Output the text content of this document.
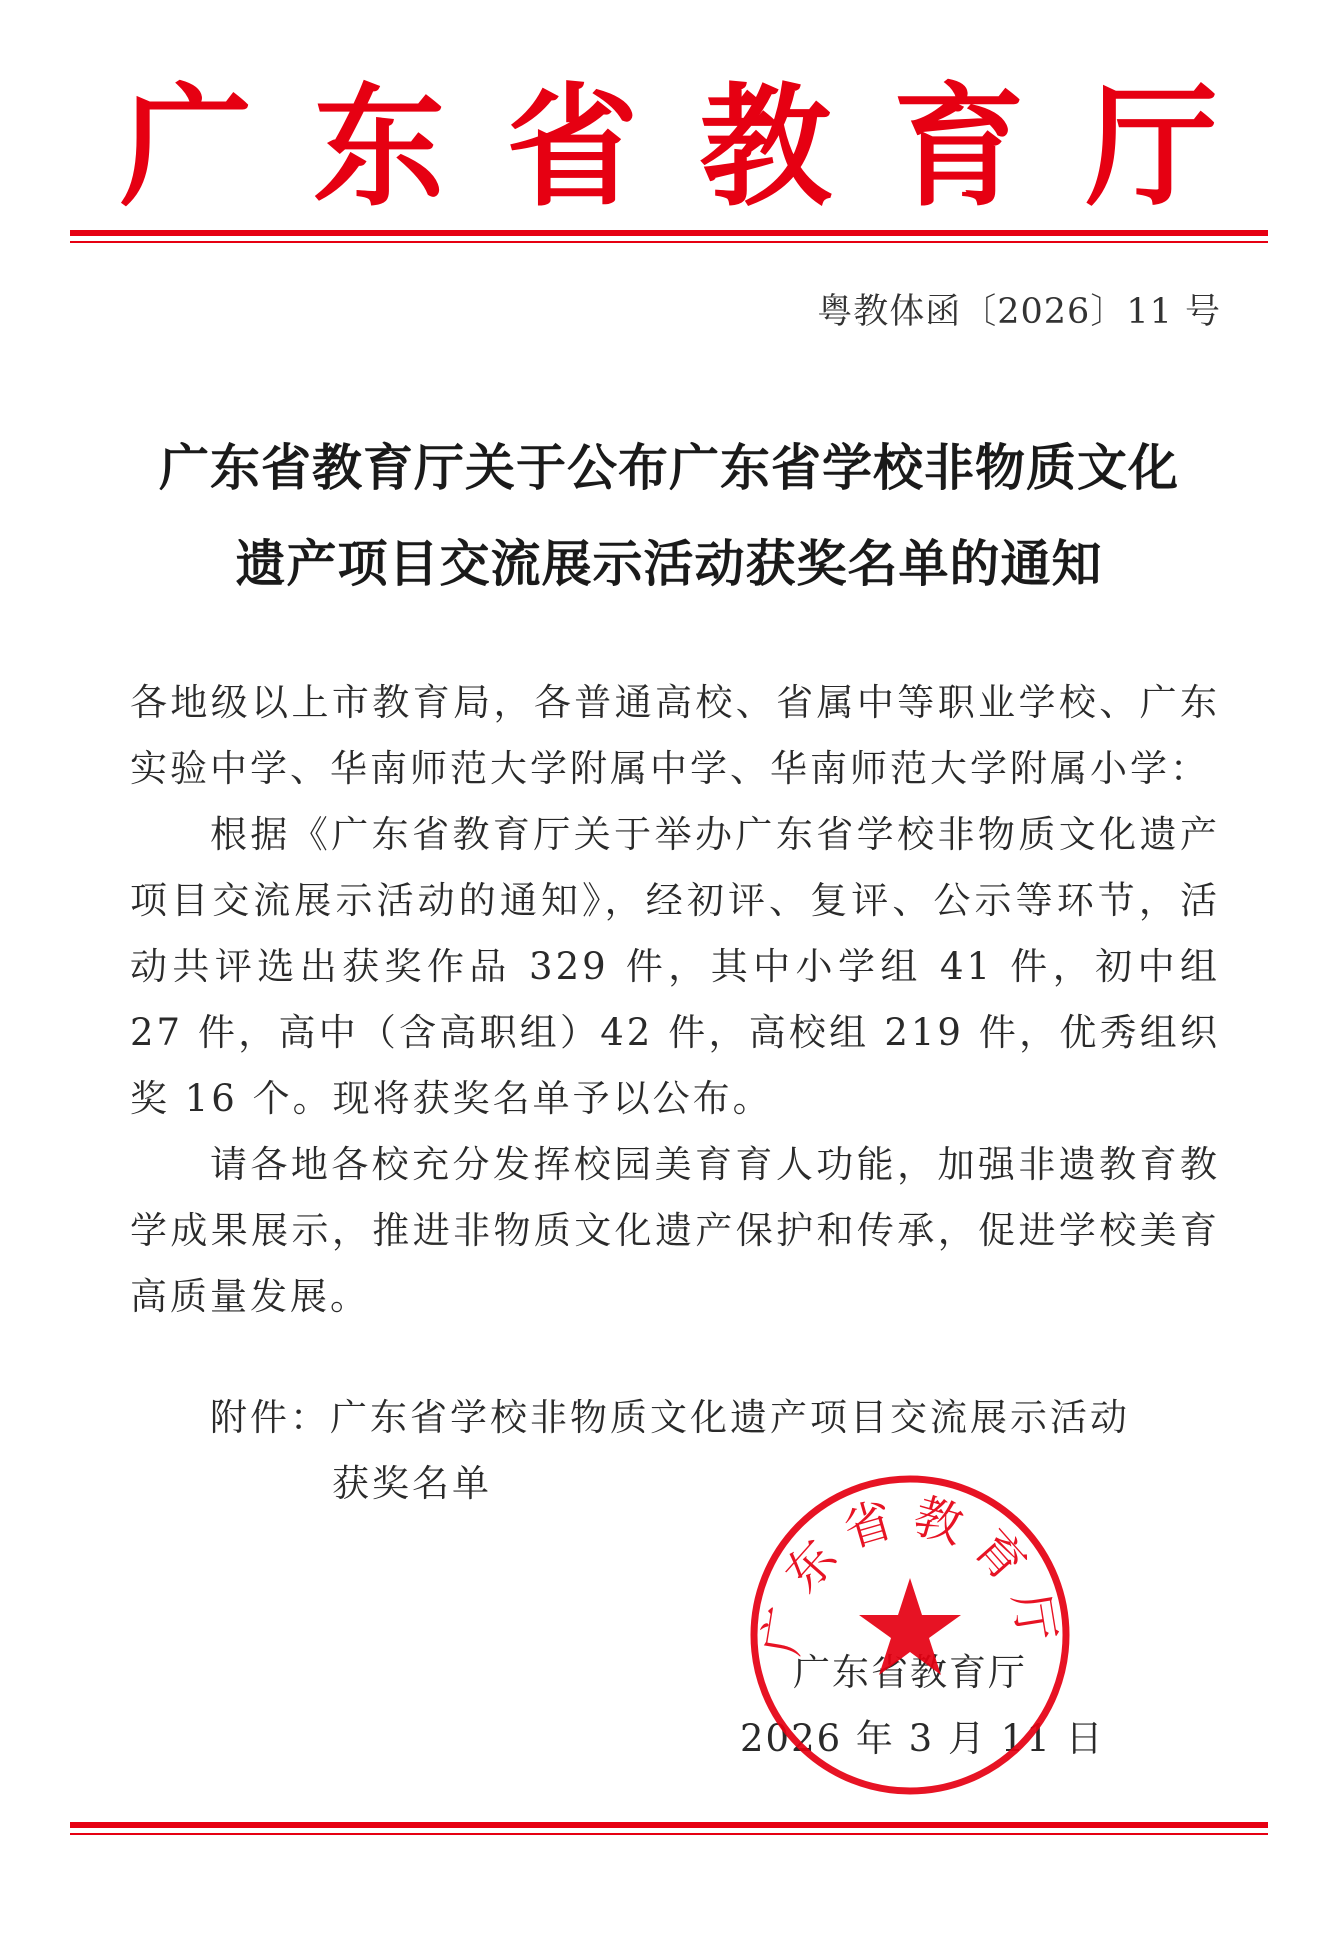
广 东 省 教 育 厅
粤教体函〔2026〕11 号
广东省教育厅关于公布广东省学校非物质文化
遗产项目交流展示活动获奖名单的通知

各地级以上市教育局，各普通高校、省属中等职业学校、广东实验中学、华南师范大学附属中学、华南师范大学附属小学：

根据《广东省教育厅关于举办广东省学校非物质文化遗产项目交流展示活动的通知》，经初评、复评、公示等环节，活动共评选出获奖作品 329 件，其中小学组 41 件，初中组 27 件，高中（含高职组）42 件，高校组 219 件，优秀组织奖 16 个。现将获奖名单予以公布。

请各地各校充分发挥校园美育育人功能，加强非遗教育教学成果展示，推进非物质文化遗产保护和传承，促进学校美育高质量发展。

附件：广东省学校非物质文化遗产项目交流展示活动
获奖名单
广东省教育厅
2026 年 3 月 11 日
广东省教育厅
